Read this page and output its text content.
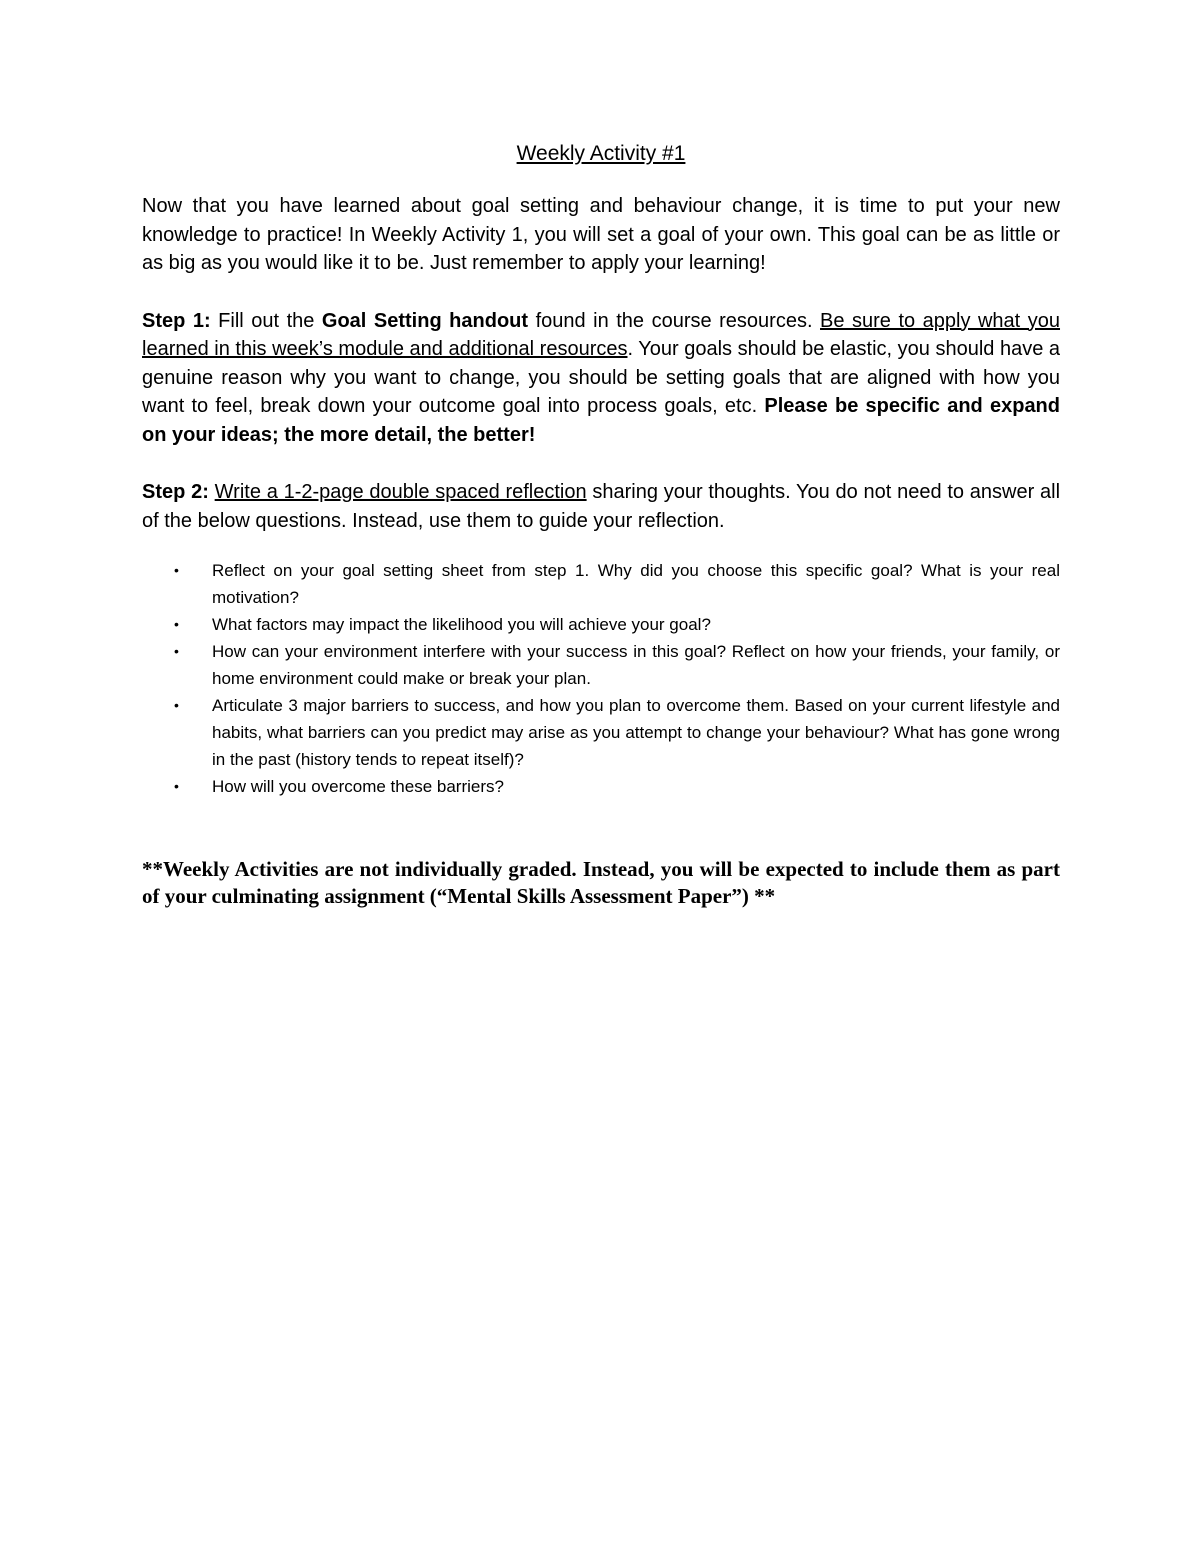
Weekly Activity #1

Now that you have learned about goal setting and behaviour change, it is time to put your new knowledge to practice! In Weekly Activity 1, you will set a goal of your own. This goal can be as little or as big as you would like it to be. Just remember to apply your learning!

Step 1: Fill out the Goal Setting handout found in the course resources. Be sure to apply what you learned in this week’s module and additional resources. Your goals should be elastic, you should have a genuine reason why you want to change, you should be setting goals that are aligned with how you want to feel, break down your outcome goal into process goals, etc. Please be specific and expand on your ideas; the more detail, the better!

Step 2: Write a 1-2-page double spaced reflection sharing your thoughts. You do not need to answer all of the below questions. Instead, use them to guide your reflection.

• Reflect on your goal setting sheet from step 1. Why did you choose this specific goal? What is your real motivation?
• What factors may impact the likelihood you will achieve your goal?
• How can your environment interfere with your success in this goal? Reflect on how your friends, your family, or home environment could make or break your plan.
• Articulate 3 major barriers to success, and how you plan to overcome them. Based on your current lifestyle and habits, what barriers can you predict may arise as you attempt to change your behaviour? What has gone wrong in the past (history tends to repeat itself)?
• How will you overcome these barriers?

**Weekly Activities are not individually graded. Instead, you will be expected to include them as part of your culminating assignment (“Mental Skills Assessment Paper”) **
